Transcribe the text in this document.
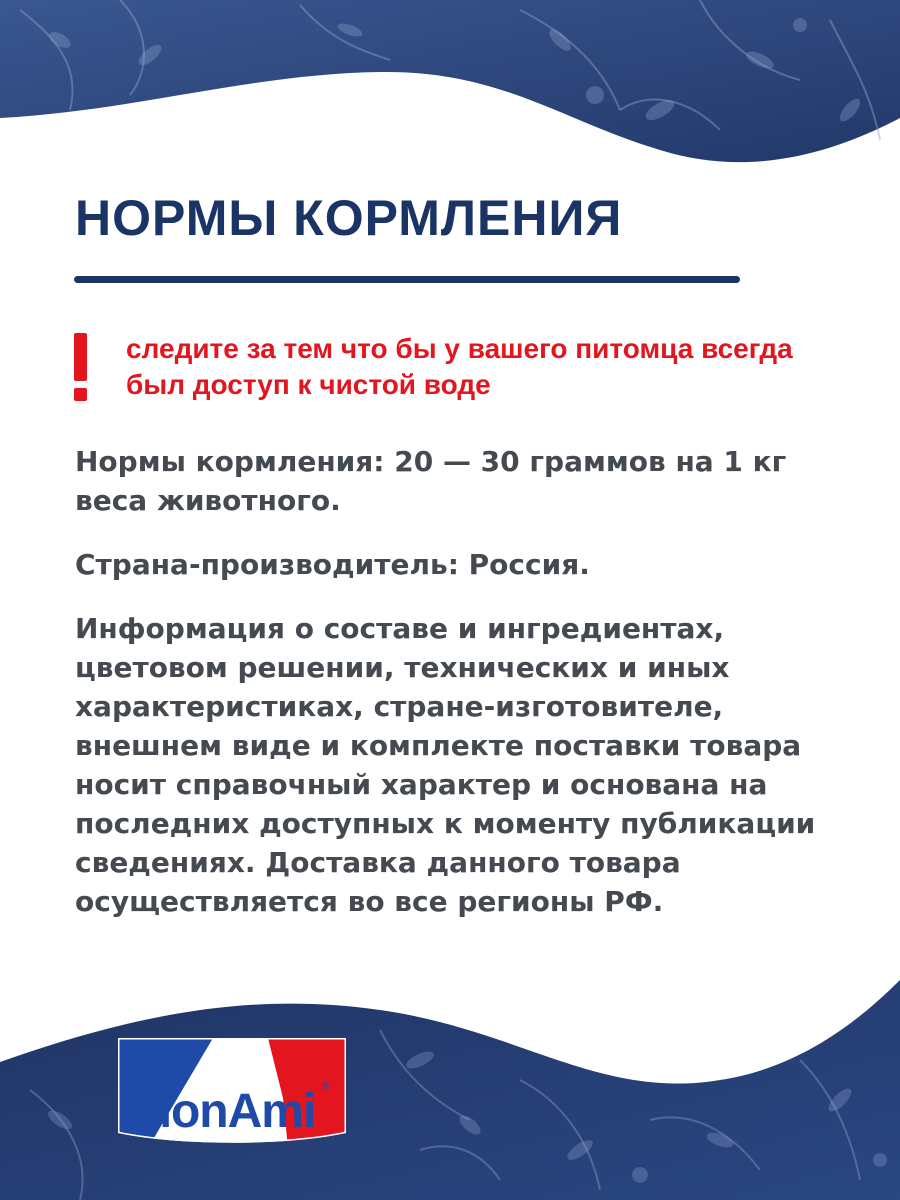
НОРМЫ КОРМЛЕНИЯ

следите за тем что бы у вашего питомца всегда был доступ к чистой воде

Нормы кормления: 20 — 30 граммов на 1 кг веса животного.

Страна-производитель: Россия.

Информация о составе и ингредиентах, цветовом решении, технических и иных характеристиках, стране-изготовителе, внешнем виде и комплекте поставки товара носит справочный характер и основана на последних доступных к моменту публикации сведениях. Доставка данного товара осуществляется во все регионы РФ.

MonAmi ®
